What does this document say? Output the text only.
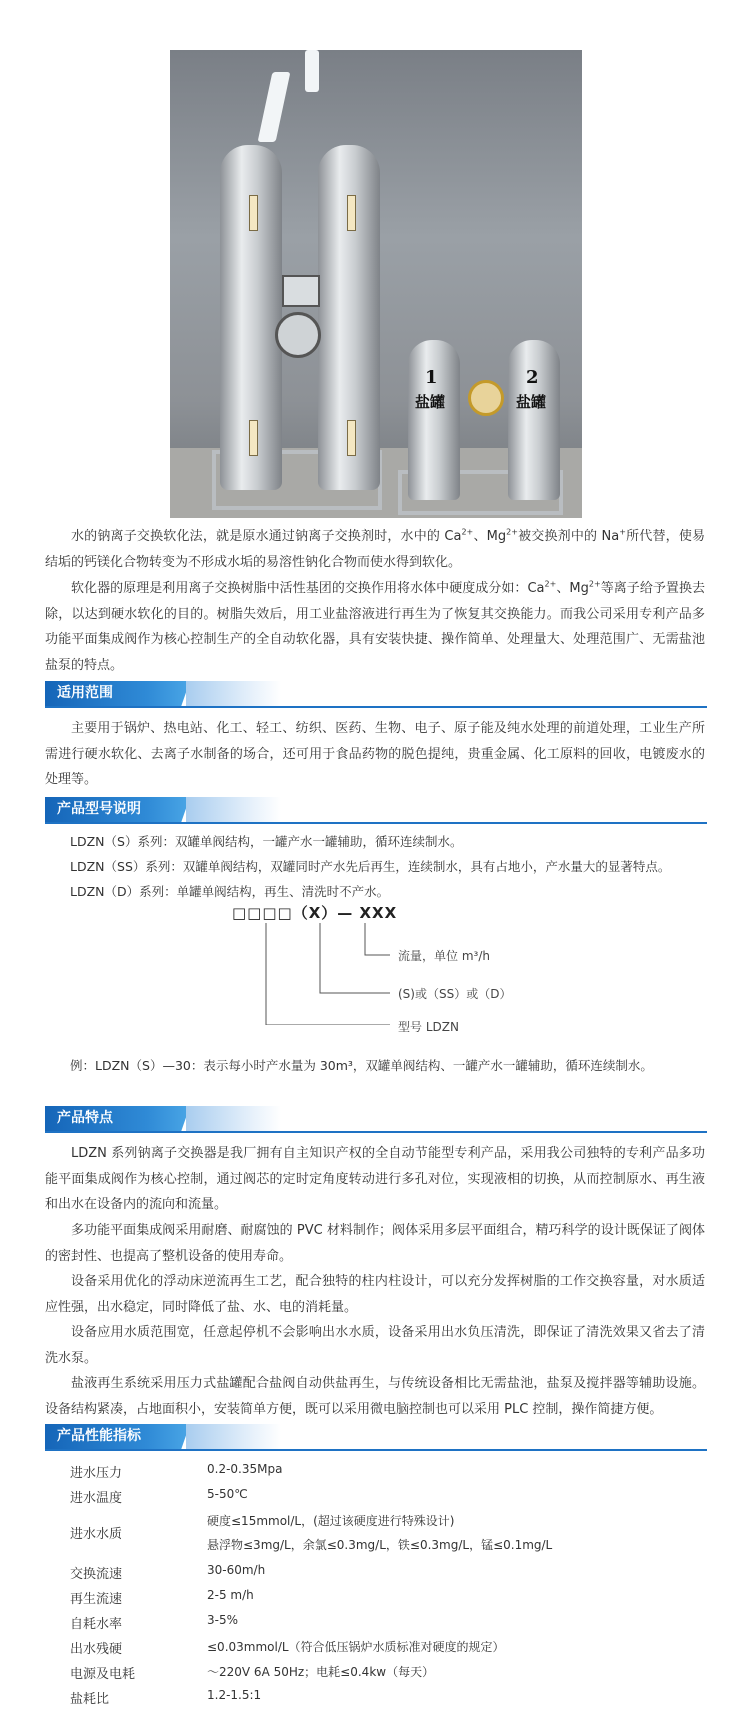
1	2
盐罐	盐罐

水的钠离子交换软化法，就是原水通过钠离子交换剂时，水中的 $Ca^{2+}$、$Mg^{2+}$被交换剂中的 Na+所代替，使易结垢的钙镁化合物转变为不形成水垢的易溶性钠化合物而使水得到软化。

软化器的原理是利用离子交换树脂中活性基团的交换作用将水体中硬度成分如：$Ca^{2+}$、$Mg^{2+}$等离子给予置换去除，以达到硬水软化的目的。树脂失效后，用工业盐溶液进行再生为了恢复其交换能力。而我公司采用专利产品多功能平面集成阀作为核心控制生产的全自动软化器，具有安装快捷、操作简单、处理量大、处理范围广、无需盐池盐泵的特点。

适用范围

主要用于锅炉、热电站、化工、轻工、纺织、医药、生物、电子、原子能及纯水处理的前道处理，工业生产所需进行硬水软化、去离子水制备的场合，还可用于食品药物的脱色提纯，贵重金属、化工原料的回收，电镀废水的处理等。

产品型号说明
LDZN（S）系列：双罐单阀结构，一罐产水一罐辅助，循环连续制水。
LDZN（SS）系列：双罐单阀结构，双罐同时产水先后再生，连续制水，具有占地小，产水量大的显著特点。
LDZN（D）系列：单罐单阀结构，再生、清洗时不产水。
□□□□（X）— XXX
流量，单位 m³/h
(S)或（SS）或（D）
型号 LDZN
例：LDZN（S）—30：表示每小时产水量为 30m³，双罐单阀结构、一罐产水一罐辅助，循环连续制水。
产品特点

LDZN 系列钠离子交换器是我厂拥有自主知识产权的全自动节能型专利产品，采用我公司独特的专利产品多功能平面集成阀作为核心控制，通过阀芯的定时定角度转动进行多孔对位，实现液相的切换，从而控制原水、再生液和出水在设备内的流向和流量。

多功能平面集成阀采用耐磨、耐腐蚀的 PVC 材料制作；阀体采用多层平面组合，精巧科学的设计既保证了阀体的密封性、也提高了整机设备的使用寿命。

设备采用优化的浮动床逆流再生工艺，配合独特的柱内柱设计，可以充分发挥树脂的工作交换容量，对水质适应性强，出水稳定，同时降低了盐、水、电的消耗量。

设备应用水质范围宽，任意起停机不会影响出水水质，设备采用出水负压清洗，即保证了清洗效果又省去了清洗水泵。

盐液再生系统采用压力式盐罐配合盐阀自动供盐再生，与传统设备相比无需盐池，盐泵及搅拌器等辅助设施。设备结构紧凑，占地面积小，安装简单方便，既可以采用微电脑控制也可以采用 PLC 控制，操作简捷方便。

产品性能指标
进水压力	0.2-0.35Mpa
进水温度	5-50℃
进水水质
硬度≤15mmol/L，(超过该硬度进行特殊设计)
悬浮物≤3mg/L，余氯≤0.3mg/L，铁≤0.3mg/L，锰≤0.1mg/L
交换流速	30-60m/h
再生流速	2-5 m/h
自耗水率	3-5%
出水残硬	≤0.03mmol/L（符合低压锅炉水质标准对硬度的规定）
电源及电耗	～220V 6A 50Hz；电耗≤0.4kw（每天）
盐耗比	1.2-1.5:1
